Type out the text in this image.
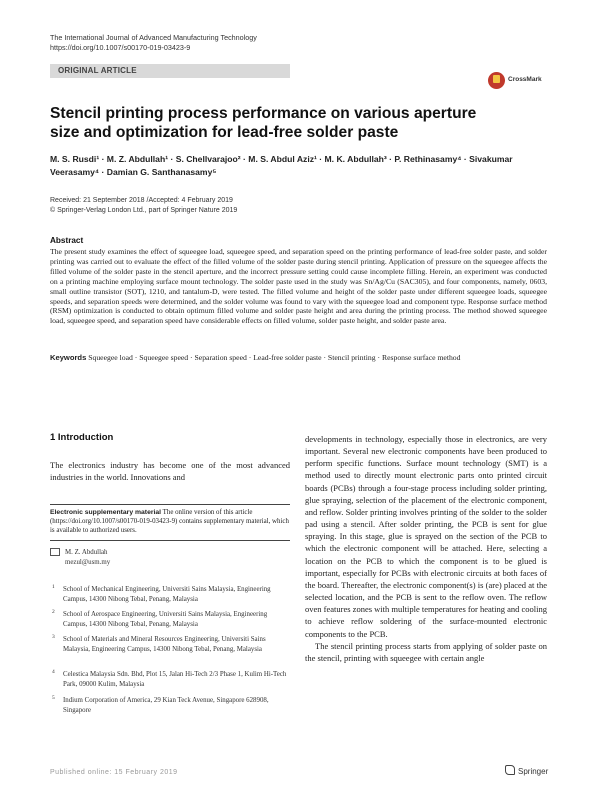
The International Journal of Advanced Manufacturing Technology
https://doi.org/10.1007/s00170-019-03423-9
ORIGINAL ARTICLE
CrossMark
Stencil printing process performance on various aperture size and optimization for lead-free solder paste
M. S. Rusdi¹ · M. Z. Abdullah¹ · S. Chellvarajoo² · M. S. Abdul Aziz¹ · M. K. Abdullah³ · P. Rethinasamy⁴ · Sivakumar Veerasamy⁴ · Damian G. Santhanasamy⁵
Received: 21 September 2018 /Accepted: 4 February 2019
© Springer-Verlag London Ltd., part of Springer Nature 2019
Abstract
The present study examines the effect of squeegee load, squeegee speed, and separation speed on the printing performance of lead-free solder paste, and solder printing was carried out to evaluate the effect of the filled volume of the solder paste during stencil printing. Application of pressure on the squeegee affects the filled volume of the solder paste in the stencil aperture, and the incorrect pressure setting could cause incomplete filling. Herein, an experiment was conducted on a printing machine employing surface mount technology. The solder paste used in the study was Sn/Ag/Cu (SAC305), and four components, namely, 0603, small outline transistor (SOT), 1210, and tantalum-D, were tested. The filled volume and height of the solder paste under different squeegee loads, squeegee speeds, and separation speeds were determined, and the solder volume was found to vary with the squeegee load and component type. Response surface method (RSM) optimization is conducted to obtain optimum filled volume and solder paste height and area during the printing process. The method showed squeegee load, squeegee speed, and separation speed have considerable effects on filled volume, solder paste height, and solder paste area.
Keywords Squeegee load · Squeegee speed · Separation speed · Lead-free solder paste · Stencil printing · Response surface method
1 Introduction
The electronics industry has become one of the most advanced industries in the world. Innovations and
Electronic supplementary material The online version of this article (https://doi.org/10.1007/s00170-019-03423-9) contains supplementary material, which is available to authorized users.
M. Z. Abdullah
mezul@usm.my
1 School of Mechanical Engineering, Universiti Sains Malaysia, Engineering Campus, 14300 Nibong Tebal, Penang, Malaysia
2 School of Aerospace Engineering, Universiti Sains Malaysia, Engineering Campus, 14300 Nibong Tebal, Penang, Malaysia
3 School of Materials and Mineral Resources Engineering, Universiti Sains Malaysia, Engineering Campus, 14300 Nibong Tebal, Penang, Malaysia
4 Celestica Malaysia Sdn. Bhd, Plot 15, Jalan Hi-Tech 2/3 Phase 1, Kulim Hi-Tech Park, 09000 Kulim, Malaysia
5 Indium Corporation of America, 29 Kian Teck Avenue, Singapore 628908, Singapore
developments in technology, especially those in electronics, are very important. Several new electronic components have been produced to perform specific functions. Surface mount technology (SMT) is a method used to directly mount electronic parts onto printed circuit boards (PCBs) through a four-stage process including solder printing, glue spraying, selection of the placement of the electronic component, and reflow. Solder printing involves printing of the solder to the solder pad using a stencil. After solder printing, the PCB is sent for glue spraying. In this stage, glue is sprayed on the section of the PCB to which the electronic component will be attached. Here, selecting a location on the PCB to which the component is to be glued is important, especially for PCBs with electronic circuits at both faces of the board. Thereafter, the electronic component(s) is (are) placed at the selected location, and the PCB is sent to the reflow oven. The reflow oven features zones with multiple temperatures for heating and cooling to achieve reflow soldering of the surface-mounted electronic components to the PCB.
The stencil printing process starts from applying of solder paste on the stencil, printing with squeegee with certain angle
Published online: 15 February 2019	Springer
